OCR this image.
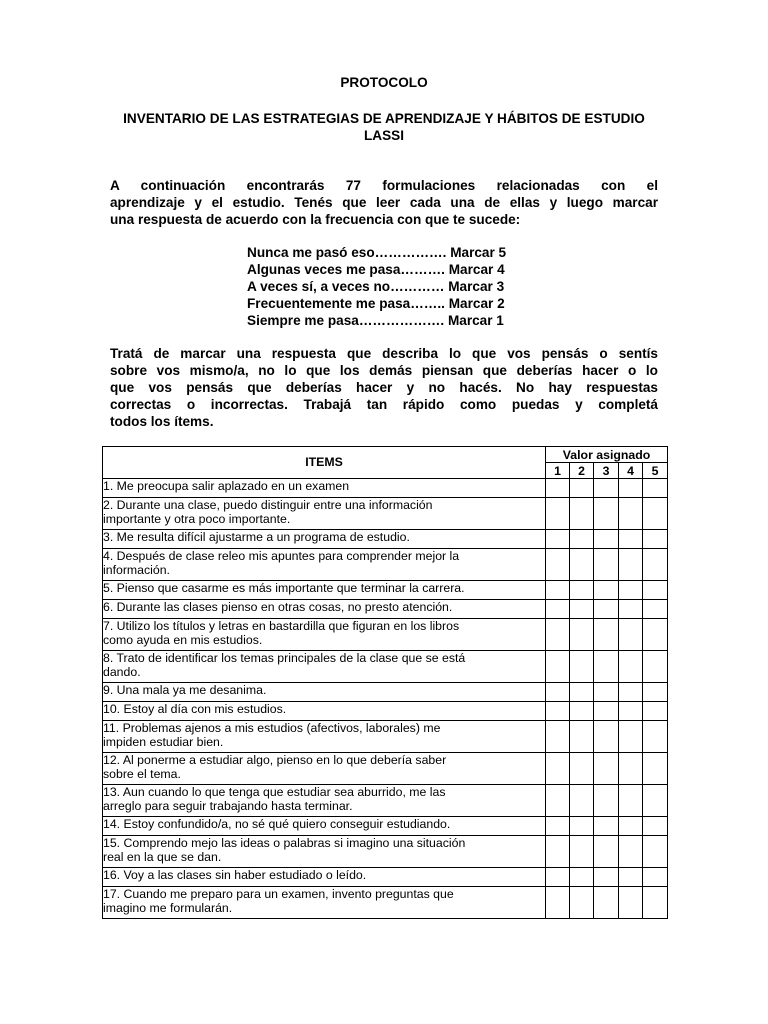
PROTOCOLO
INVENTARIO DE LAS ESTRATEGIAS DE APRENDIZAJE Y HÁBITOS DE ESTUDIO LASSI
A continuación encontrarás 77 formulaciones relacionadas con el
aprendizaje y el estudio. Tenés que leer cada una de ellas y luego marcar
una respuesta de acuerdo con la frecuencia con que te sucede:
Nunca me pasó eso……………. Marcar 5
Algunas veces me pasa………. Marcar 4
A veces sí, a veces no………… Marcar 3
Frecuentemente me pasa…….. Marcar 2
Siempre me pasa………………. Marcar 1
Tratá de marcar una respuesta que describa lo que vos pensás o sentís
sobre vos mismo/a, no lo que los demás piensan que deberías hacer o lo
que vos pensás que deberías hacer y no hacés. No hay respuestas
correctas o incorrectas. Trabajá tan rápido como puedas y completá
todos los ítems.
ITEMS	Valor asignado				
	1	2	3	4	5

1. Me preocupa salir aplazado en un examen					

2. Durante una clase, puedo distinguir entre una información
importante y otra poco importante.					

3. Me resulta difícil ajustarme a un programa de estudio.					

4. Después de clase releo mis apuntes para comprender mejor la
información.					

5. Pienso que casarme es más importante que terminar la carrera.					

6. Durante las clases pienso en otras cosas, no presto atención.					

7. Utilizo los títulos y letras en bastardilla que figuran en los libros
como ayuda en mis estudios.					

8. Trato de identificar los temas principales de la clase que se está
dando.					

9. Una mala ya me desanima.					

10. Estoy al día con mis estudios.					

11. Problemas ajenos a mis estudios (afectivos, laborales) me
impiden estudiar bien.					

12. Al ponerme a estudiar algo, pienso en lo que debería saber
sobre el tema.					

13. Aun cuando lo que tenga que estudiar sea aburrido, me las
arreglo para seguir trabajando hasta terminar.					

14. Estoy confundido/a, no sé qué quiero conseguir estudiando.					

15. Comprendo mejo las ideas o palabras si imagino una situación
real en la que se dan.					

16. Voy a las clases sin haber estudiado o leído.					

17. Cuando me preparo para un examen, invento preguntas que
imagino me formularán.					
